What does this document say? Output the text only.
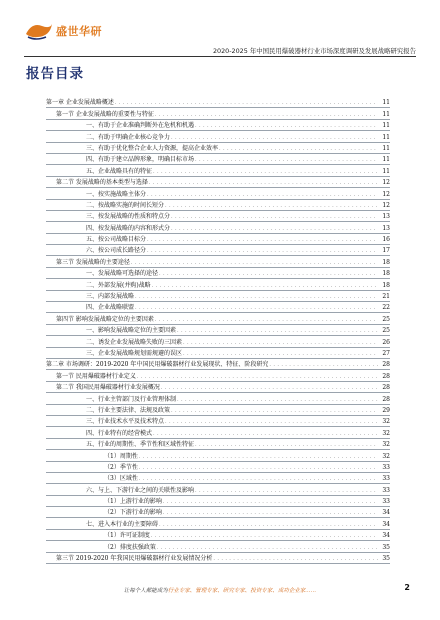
盛世华研
2020-2025 年中国民用爆破器材行业市场深度调研及发展战略研究报告
报告目录
第一章 企业发展战略概述 . . .	11
第一节 企业发展战略的重要性与特征 . . .	11
一、有助于企业准确判断外在危机和机遇 . . .	11
二、有助于明确企业核心竞争力 . . .	11
三、有助于优化整合企业人力资源，提高企业效率 . . .	11
四、有助于建立品牌形象，明确目标市场 . . .	11
五、企业战略具有的特征 . . .	11
第二节 发展战略的基本类型与选择 . . .	12
一、按实施战略主体分 . . .	12
二、按战略实施的时间长短分 . . .	12
三、按发展战略的性质和特点分 . . .	13
四、按发展战略的内容和形式分 . . .	13
五、按公司战略目标分 . . .	16
六、按公司成长路径分 . . .	17
第三节 发展战略的主要途径 . . .	18
一、发展战略可选择的途径 . . .	18
二、外部发展(并购)战略 . . .	18
三、内部发展战略 . . .	21
四、企业战略联盟 . . .	22
第四节 影响发展战略定位的主要因素 . . .	25
一、影响发展战略定位的主要因素 . . .	25
二、诱发企业发展战略失败的三因素 . . .	26
三、企业发展战略规划需规避的误区 . . .	27
第二章 市场调研：2019-2020 年中国民用爆破器材行业发展现状、特征、阶段研究 . . .	28
第一节 民用爆破器材行业定义 . . .	28
第二节 我国民用爆破器材行业发展概况 . . .	28
一、行业主管部门及行业管理体制 . . .	28
二、行业主要法律、法规及政策 . . .	29
三、行业技术水平及技术特点 . . .	32
四、行业特有的经营模式 . . .	32
五、行业的周期性、季节性和区域性特征 . . .	32
（1）周期性 . . .	32
（2）季节性 . . .	33
（3）区域性 . . .	33
六、与上、下游行业之间的关联性及影响 . . .	33
（1）上游行业的影响 . . .	33
（2）下游行业的影响 . . .	34
七、进入本行业的主要障碍 . . .	34
（1）许可证制度 . . .	34
（2）排度扶强政策 . . .	35
第三节 2019-2020 年我国民用爆破器材行业发展情况分析 . . .	35
让每个人都能成为行业专家、管理专家、研究专家、投资专家、成功企业家……	2
